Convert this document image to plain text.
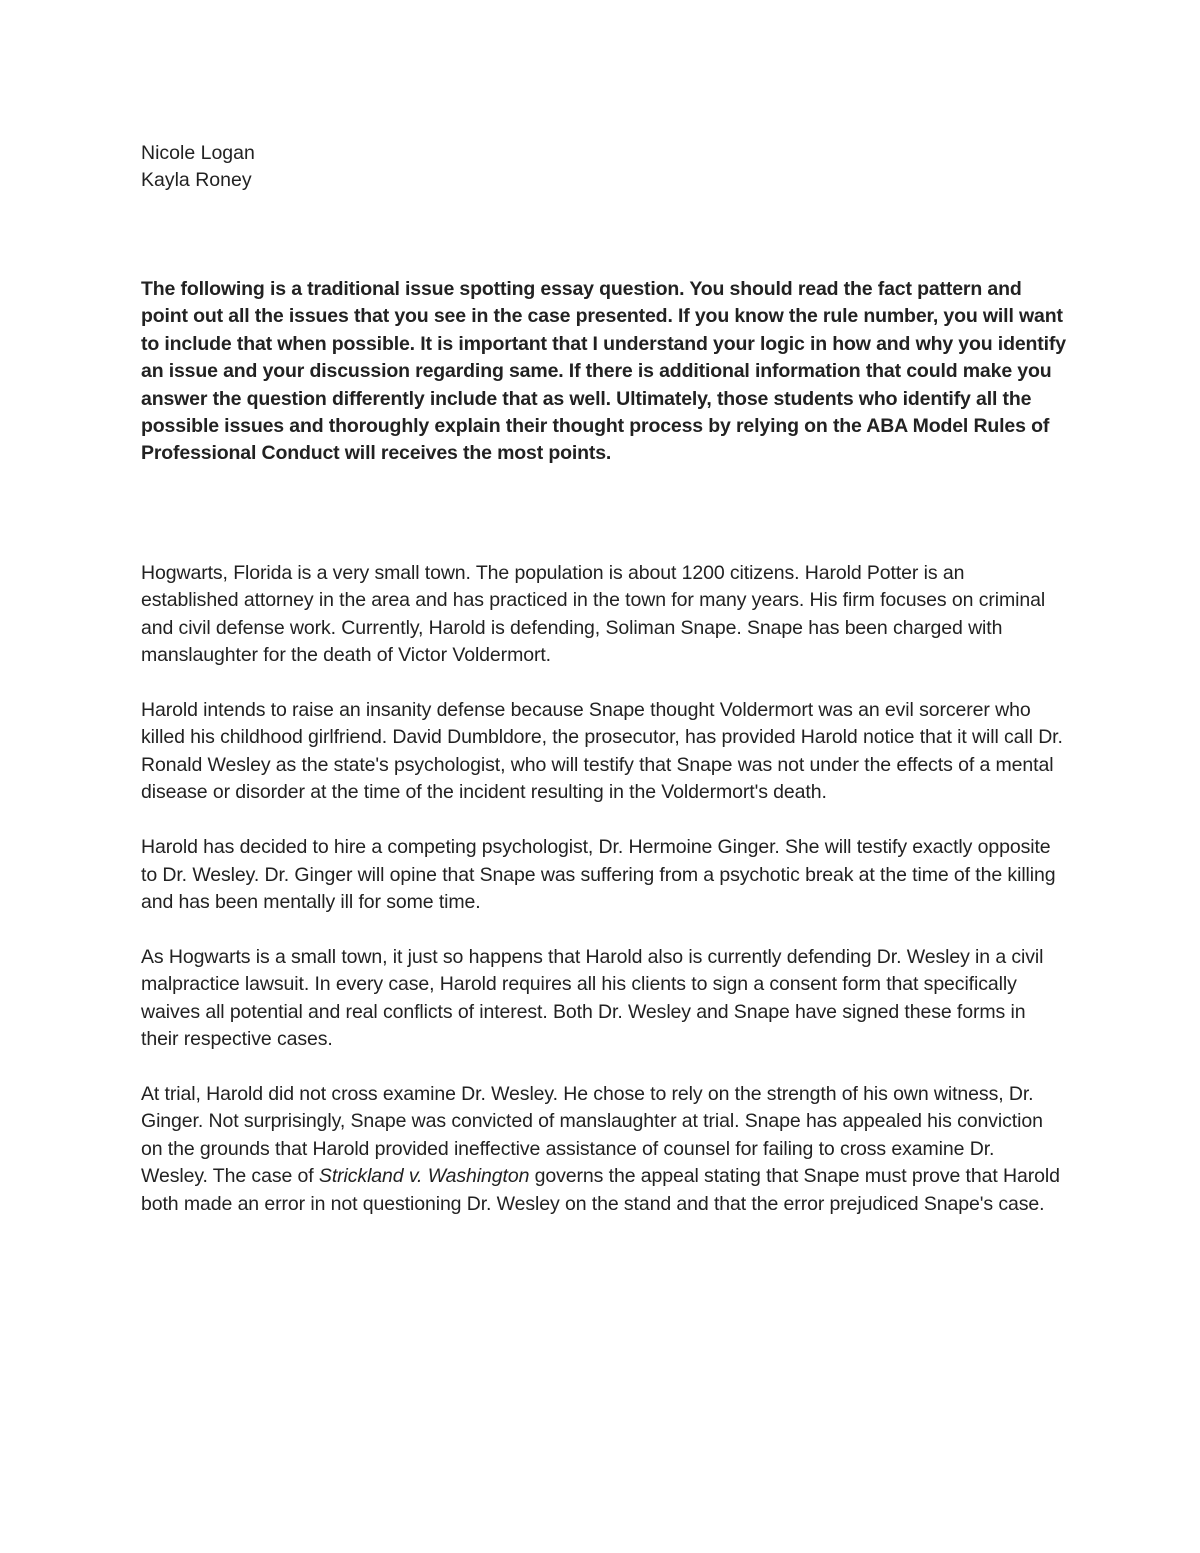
Nicole Logan
Kayla Roney

The following is a traditional issue spotting essay question. You should read the fact pattern and point out all the issues that you see in the case presented. If you know the rule number, you will want to include that when possible. It is important that I understand your logic in how and why you identify an issue and your discussion regarding same. If there is additional information that could make you answer the question differently include that as well. Ultimately, those students who identify all the possible issues and thoroughly explain their thought process by relying on the ABA Model Rules of Professional Conduct will receives the most points.

Hogwarts, Florida is a very small town. The population is about 1200 citizens. Harold Potter is an established attorney in the area and has practiced in the town for many years. His firm focuses on criminal and civil defense work. Currently, Harold is defending, Soliman Snape. Snape has been charged with manslaughter for the death of Victor Voldermort.

Harold intends to raise an insanity defense because Snape thought Voldermort was an evil sorcerer who killed his childhood girlfriend. David Dumbldore, the prosecutor, has provided Harold notice that it will call Dr. Ronald Wesley as the state's psychologist, who will testify that Snape was not under the effects of a mental disease or disorder at the time of the incident resulting in the Voldermort's death.

Harold has decided to hire a competing psychologist, Dr. Hermoine Ginger. She will testify exactly opposite to Dr. Wesley. Dr. Ginger will opine that Snape was suffering from a psychotic break at the time of the killing and has been mentally ill for some time.

As Hogwarts is a small town, it just so happens that Harold also is currently defending Dr. Wesley in a civil malpractice lawsuit. In every case, Harold requires all his clients to sign a consent form that specifically waives all potential and real conflicts of interest. Both Dr. Wesley and Snape have signed these forms in their respective cases.

At trial, Harold did not cross examine Dr. Wesley. He chose to rely on the strength of his own witness, Dr. Ginger. Not surprisingly, Snape was convicted of manslaughter at trial. Snape has appealed his conviction on the grounds that Harold provided ineffective assistance of counsel for failing to cross examine Dr. Wesley. The case of Strickland v. Washington governs the appeal stating that Snape must prove that Harold both made an error in not questioning Dr. Wesley on the stand and that the error prejudiced Snape's case.
